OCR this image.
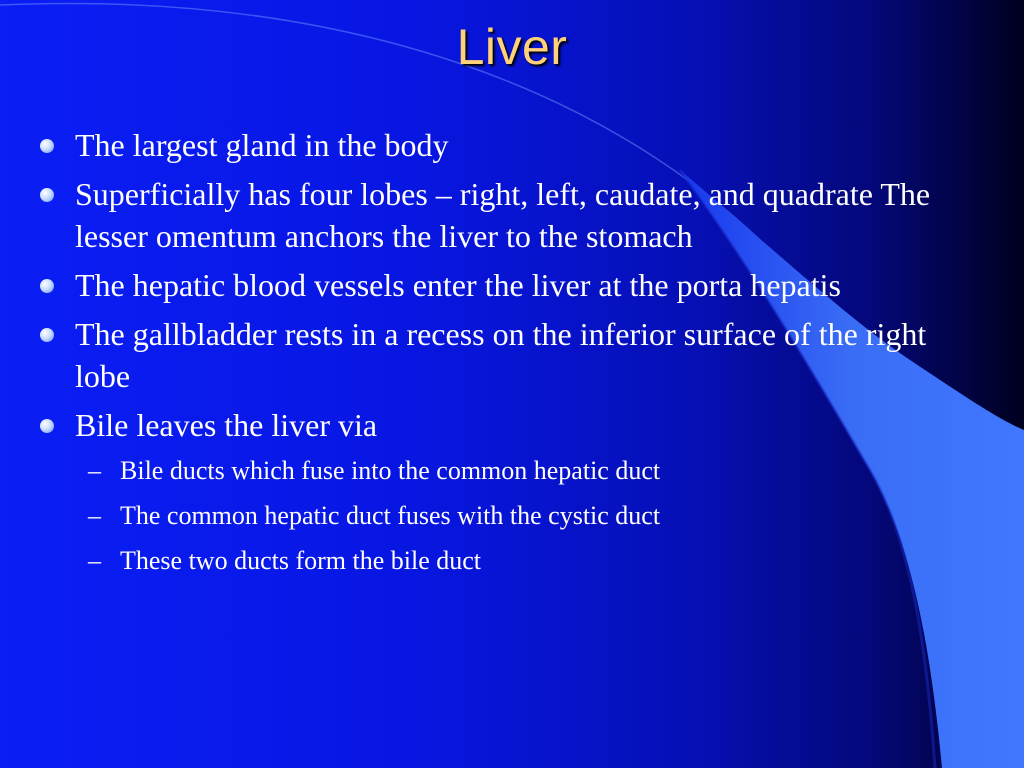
Liver
The largest gland in the body
Superficially has four lobes – right, left, caudate, and quadrate The lesser omentum anchors the liver to the stomach
The hepatic blood vessels enter the liver at the porta hepatis
The gallbladder rests in a recess on the inferior surface of the right lobe
Bile leaves the liver via
– Bile ducts which fuse into the common hepatic duct
– The common hepatic duct fuses with the cystic duct
– These two ducts form the bile duct
